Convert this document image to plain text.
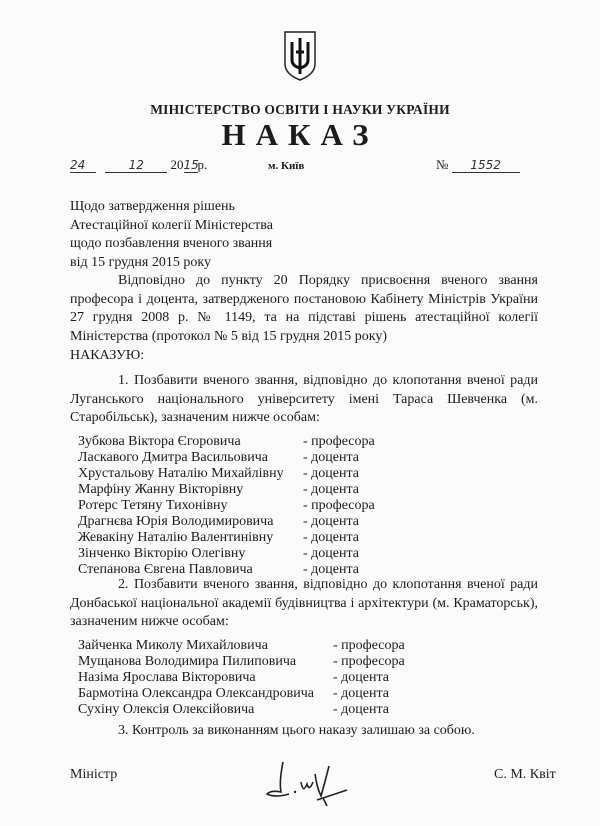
МІНІСТЕРСТВО ОСВІТИ І НАУКИ УКРАЇНИ
НАКАЗ
24	12 2015р.	м. Київ	№ 1552
Щодо затвердження рішень
Атестаційної колегії Міністерства
щодо позбавлення вченого звання
від 15 грудня 2015 року
Відповідно до пункту 20 Порядку присвоєння вченого звання професора і доцента, затвердженого постановою Кабінету Міністрів України 27 грудня 2008 р. № 1149, та на підставі рішень атестаційної колегії Міністерства (протокол № 5 від 15 грудня 2015 року)
НАКАЗУЮ:
1. Позбавити вченого звання, відповідно до клопотання вченої ради Луганського національного університету імені Тараса Шевченка (м. Старобільськ), зазначеним нижче особам:
Зубкова Віктора Єгоровича	- професора
Ласкавого Дмитра Васильовича	- доцента
Хрустальову Наталію Михайлівну	- доцента
Марфіну Жанну Вікторівну	- доцента
Ротерс Тетяну Тихонівну	- професора
Драгнєва Юрія Володимировича	- доцента
Жевакіну Наталію Валентинівну	- доцента
Зінченко Вікторію Олегівну	- доцента
Степанова Євгена Павловича	- доцента
2. Позбавити вченого звання, відповідно до клопотання вченої ради Донбаської національної академії будівництва і архітектури (м. Краматорськ), зазначеним нижче особам:
Зайченка Миколу Михайловича	- професора
Мущанова Володимира Пилиповича	- професора
Назіма Ярослава Вікторовича	- доцента
Бармотіна Олександра Олександровича	- доцента
Сухіну Олексія Олексійовича	- доцента
3. Контроль за виконанням цього наказу залишаю за собою.
Міністр	С. М. Квіт
